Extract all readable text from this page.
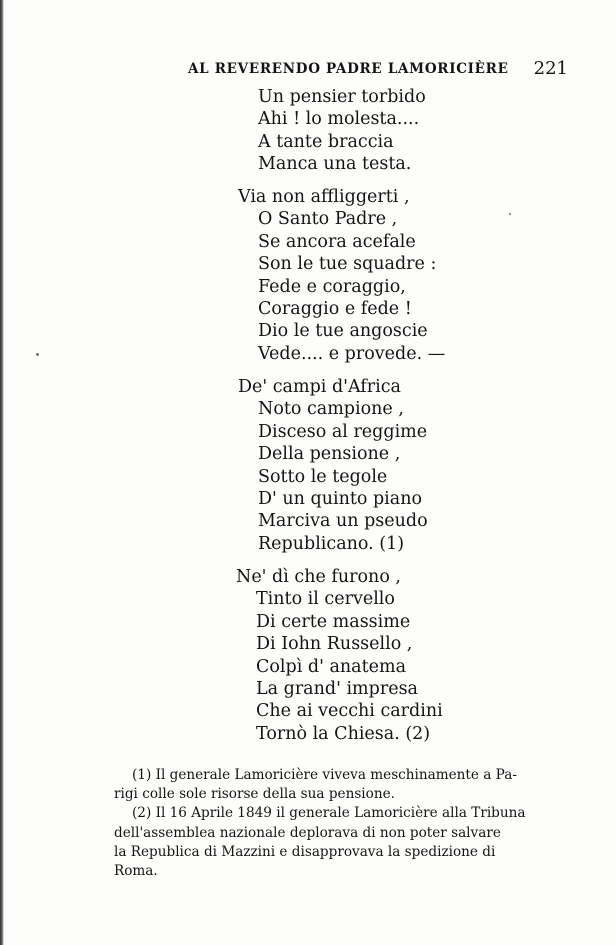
AL REVERENDO PADRE LAMORICIÈRE 221
Un pensier torbido
Ahi ! lo molesta....
A tante braccia
Manca una testa.
Via non affliggerti ,
O Santo Padre ,
Se ancora acefale
Son le tue squadre :
Fede e coraggio,
Coraggio e fede !
Dio le tue angoscie
Vede.... e provede. —
De' campi d'Africa
Noto campione ,
Disceso al reggime
Della pensione ,
Sotto le tegole
D' un quinto piano
Marciva un pseudo
Republicano. (1)
Ne' dì che furono ,
Tinto il cervello
Di certe massime
Di Iohn Russello ,
Colpì d' anatema
La grand' impresa
Che ai vecchi cardini
Tornò la Chiesa. (2)
(1) Il generale Lamoricière viveva meschinamente a Pa-
rigi colle sole risorse della sua pensione.
(2) Il 16 Aprile 1849 il generale Lamoricière alla Tribuna
dell'assemblea nazionale deplorava di non poter salvare
la Republica di Mazzini e disapprovava la spedizione di
Roma.
